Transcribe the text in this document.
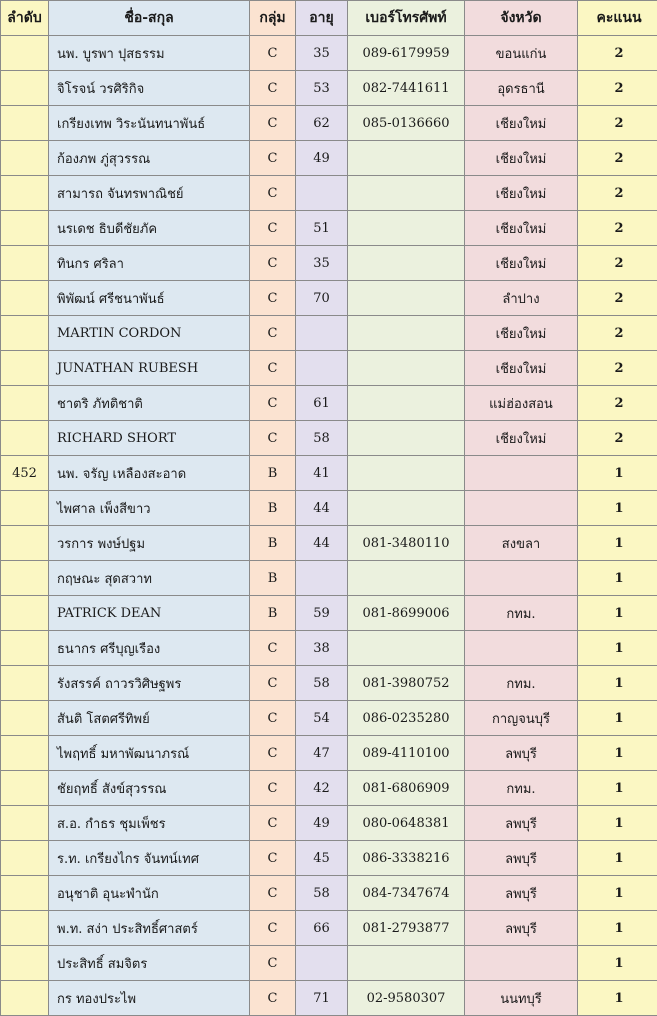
ลำดับ	ชื่อ-สกุล	กลุ่ม	อายุ	เบอร์โทรศัพท์	จังหวัด	คะแนน
	นพ. บูรพา ปุสธรรม	C	35	089-6179959	ขอนแก่น	2
	จิโรจน์ วรศิริกิจ	C	53	082-7441611	อุดรธานี	2
	เกรียงเทพ วิระนันทนาพันธ์	C	62	085-0136660	เชียงใหม่	2
	ก้องภพ ภู่สุวรรณ	C	49		เชียงใหม่	2
	สามารถ จันทรพาณิชย์	C			เชียงใหม่	2
	นรเดช ธิบดีชัยภัค	C	51		เชียงใหม่	2
	ทินกร ศริลา	C	35		เชียงใหม่	2
	พิพัฒน์ ศรีชนาพันธ์	C	70		ลำปาง	2
	MARTIN CORDON	C			เชียงใหม่	2
	JUNATHAN RUBESH	C			เชียงใหม่	2
	ชาตริ ภัทติชาติ	C	61		แม่ฮ่องสอน	2
	RICHARD SHORT	C	58		เชียงใหม่	2
452	นพ. จรัญ เหลืองสะอาด	B	41			1
	ไพศาล เพ็งสีขาว	B	44			1
	วรการ พงษ์ปฐม	B	44	081-3480110	สงขลา	1
	กฤษณะ สุดสวาท	B				1
	PATRICK DEAN	B	59	081-8699006	กทม.	1
	ธนากร ศรีบุญเรือง	C	38			1
	รังสรรค์ ถาวรวิศิษฐพร	C	58	081-3980752	กทม.	1
	สันติ โสตศรีทิพย์	C	54	086-0235280	กาญจนบุรี	1
	ไพฤทธิ์ มหาพัฒนาภรณ์	C	47	089-4110100	ลพบุรี	1
	ชัยฤทธิ์ สังข์สุวรรณ	C	42	081-6806909	กทม.	1
	ส.อ. กำธร ชุมเพ็ชร	C	49	080-0648381	ลพบุรี	1
	ร.ท. เกรียงไกร จันทน์เทศ	C	45	086-3338216	ลพบุรี	1
	อนุชาติ อุนะพำนัก	C	58	084-7347674	ลพบุรี	1
	พ.ท. สง่า ประสิทธิ์ศาสตร์	C	66	081-2793877	ลพบุรี	1
	ประสิทธิ์ สมจิตร	C				1
	กร ทองประไพ	C	71	02-9580307	นนทบุรี	1
